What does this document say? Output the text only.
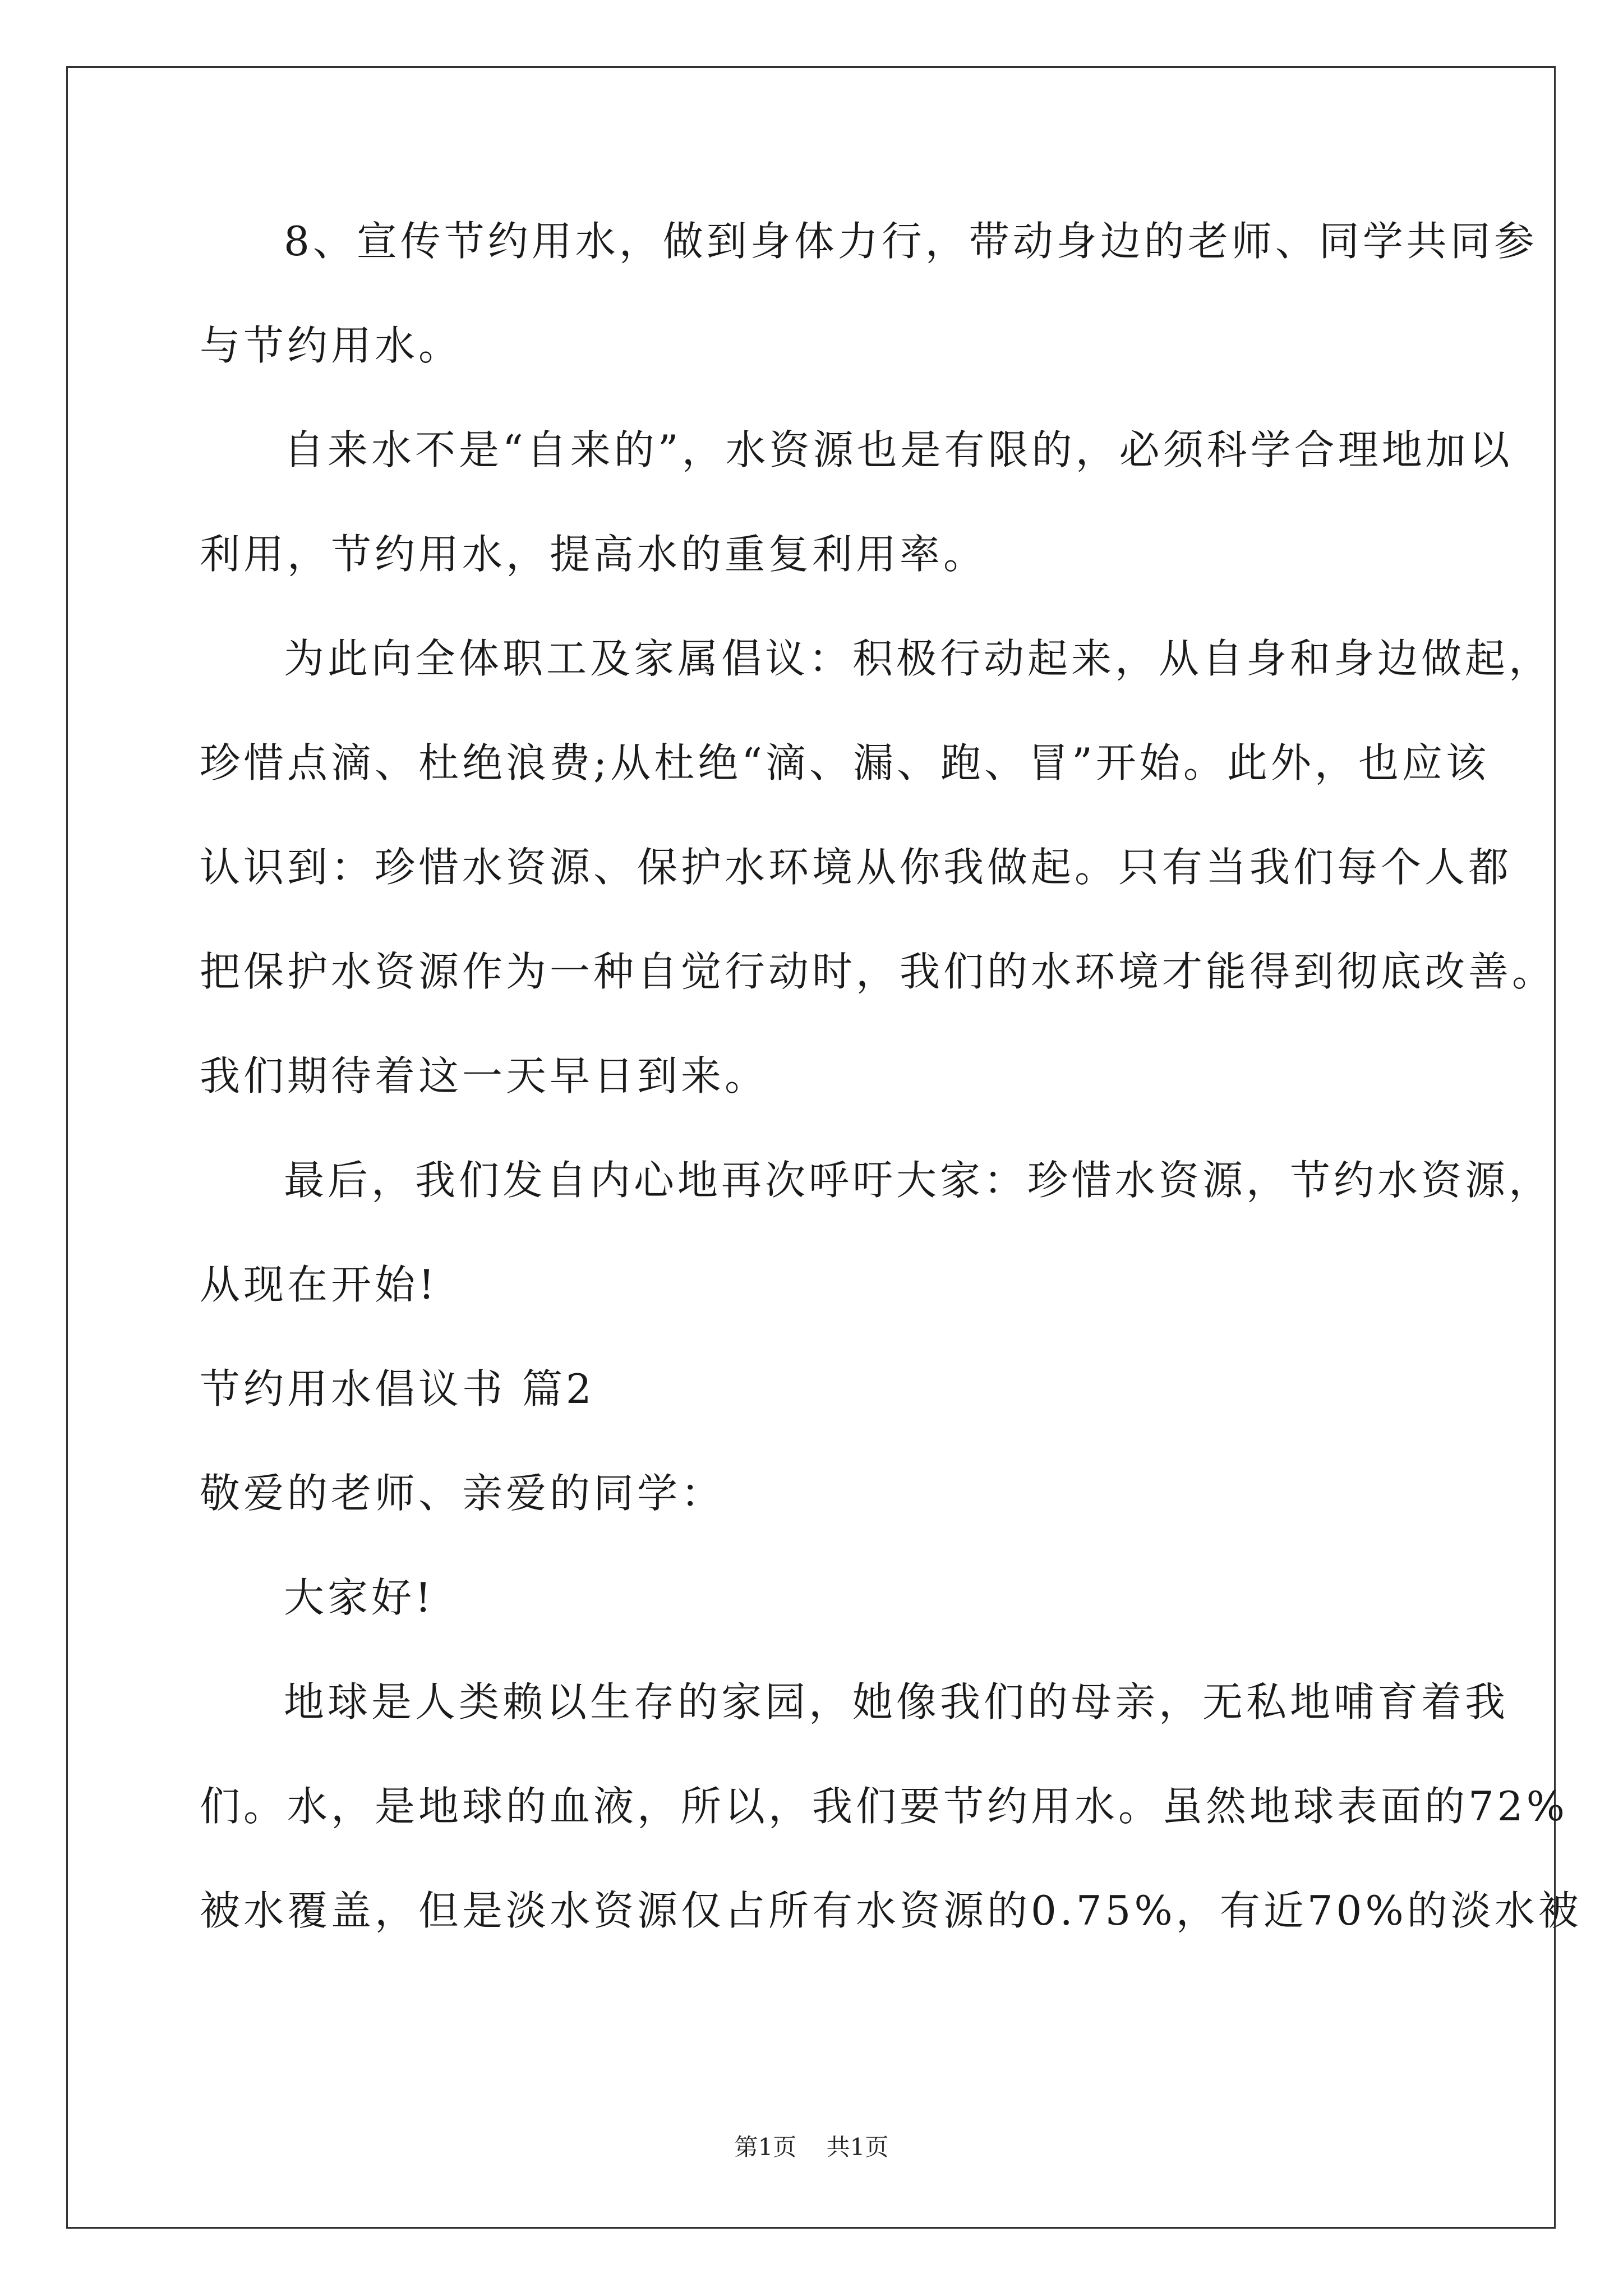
8、宣传节约用水，做到身体力行，带动身边的老师、同学共同参
与节约用水。
自来水不是“自来的”，水资源也是有限的，必须科学合理地加以
利用，节约用水，提高水的重复利用率。
为此向全体职工及家属倡议：积极行动起来，从自身和身边做起，
珍惜点滴、杜绝浪费;从杜绝“滴、漏、跑、冒”开始。此外，也应该
认识到：珍惜水资源、保护水环境从你我做起。只有当我们每个人都
把保护水资源作为一种自觉行动时，我们的水环境才能得到彻底改善。
我们期待着这一天早日到来。
最后，我们发自内心地再次呼吁大家：珍惜水资源，节约水资源，
从现在开始!
节约用水倡议书 篇2
敬爱的老师、亲爱的同学：
大家好!
地球是人类赖以生存的家园，她像我们的母亲，无私地哺育着我
们。水，是地球的血液，所以，我们要节约用水。虽然地球表面的72%
被水覆盖，但是淡水资源仅占所有水资源的0.75%，有近70%的淡水被
第1页 共1页
